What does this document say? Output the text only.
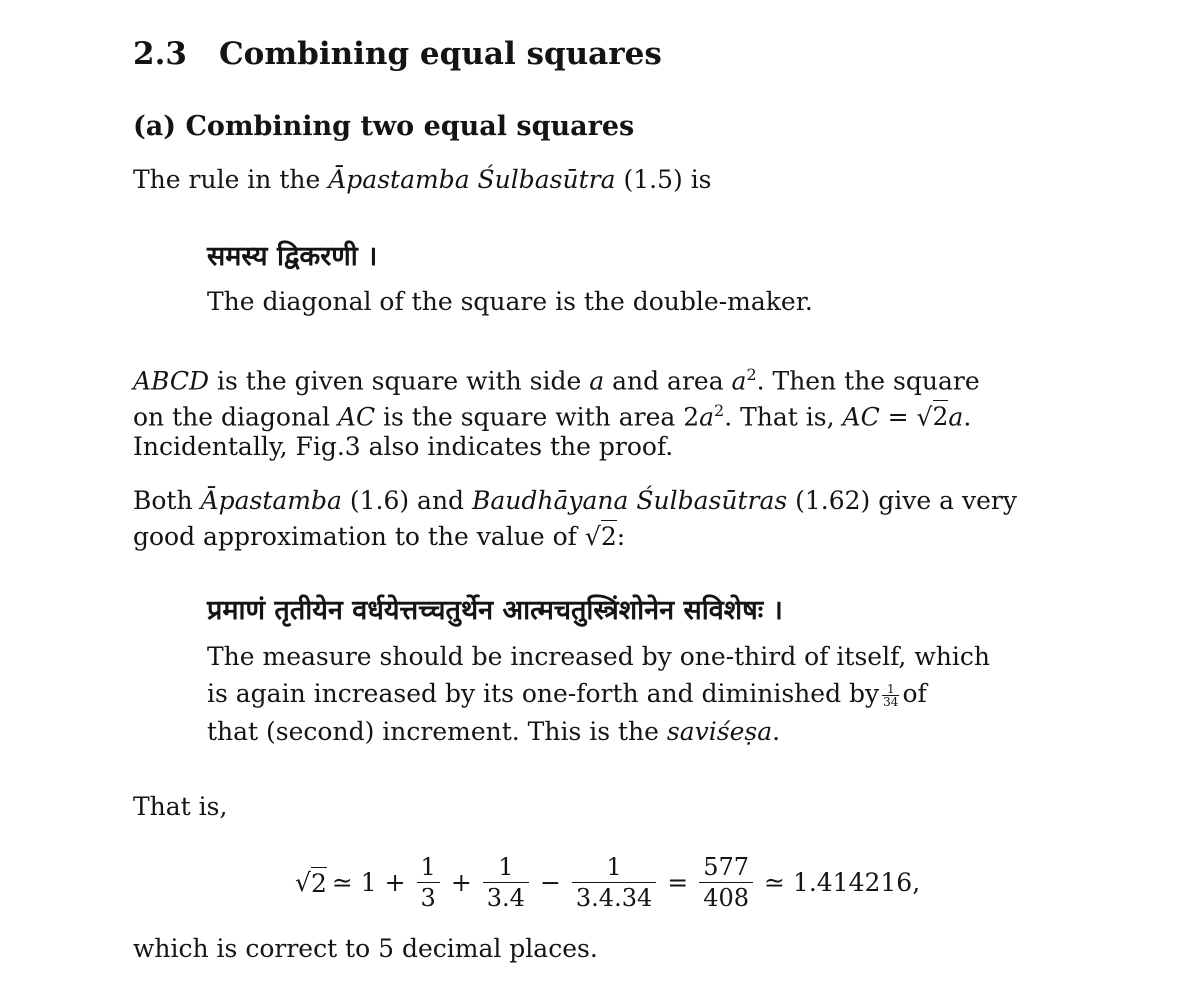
2.3 Combining equal squares
(a) Combining two equal squares
The rule in the Āpastamba Śulbasūtra (1.5) is
समस्य द्विकरणी ।
The diagonal of the square is the double-maker.
ABCD is the given square with side a and area $a^2$. Then the square
on the diagonal AC is the square with area $2a^2$. That is, AC = √2a.
Incidentally, Fig.3 also indicates the proof.
Both Āpastamba (1.6) and Baudhāyana Śulbasūtras (1.62) give a very
good approximation to the value of √2:
प्रमाणं तृतीयेन वर्धयेत्तच्चतुर्थेन आत्मचतुस्त्रिंशोनेन सविशेषः ।
The measure should be increased by one-third of itself, which
is again increased by its one-forth and diminished by $\frac{1}{34}$ of
that (second) increment. This is the saviśeṣa.
That is,
√ 2 ≃ $1 + \frac{1}{3} + \frac{1}{3.4} - \frac{1}{3.4.34} = \frac{577}{408}$ ≃ 1.414216,
which is correct to 5 decimal places.
